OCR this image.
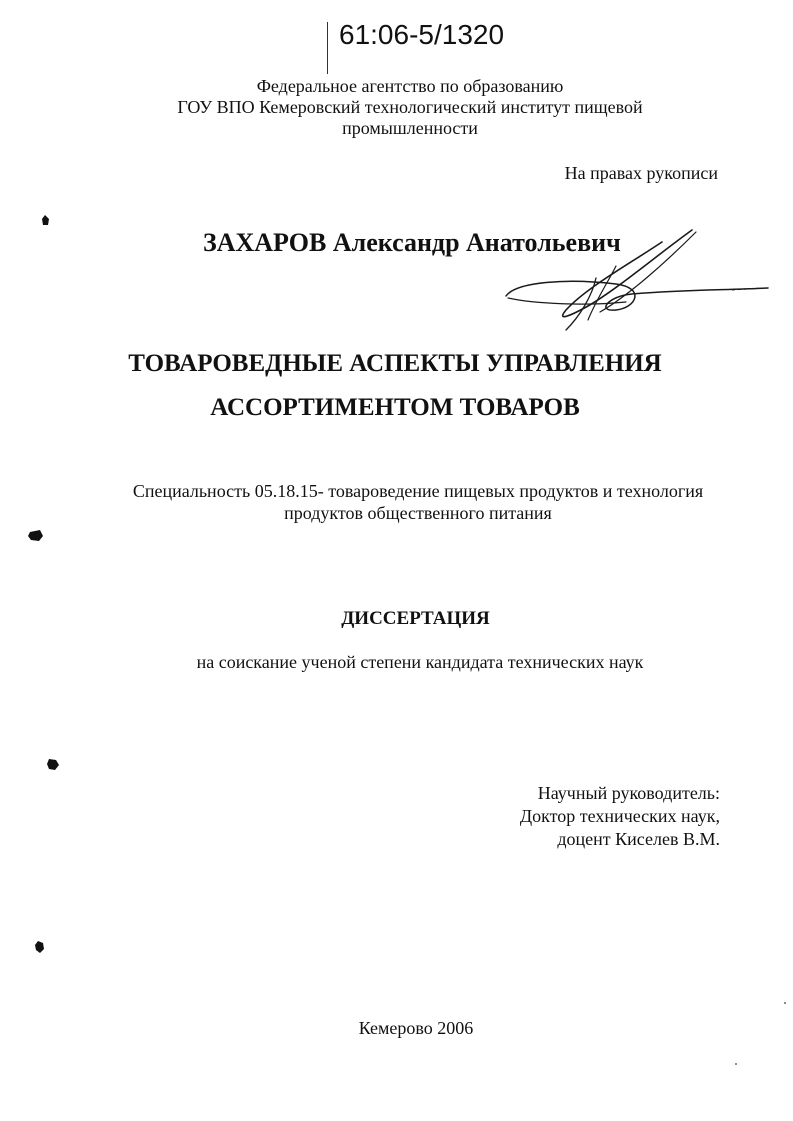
61:06-5/1320
Федеральное агентство по образованию
ГОУ ВПО Кемеровский технологический институт пищевой
промышленности
На правах рукописи
ЗАХАРОВ Александр Анатольевич
ТОВАРОВЕДНЫЕ АСПЕКТЫ УПРАВЛЕНИЯ
АССОРТИМЕНТОМ ТОВАРОВ
Специальность 05.18.15- товароведение пищевых продуктов и технология
продуктов общественного питания
ДИССЕРТАЦИЯ
на соискание ученой степени кандидата технических наук
Научный руководитель:
Доктор технических наук,
доцент Киселев В.М.
Кемерово 2006
